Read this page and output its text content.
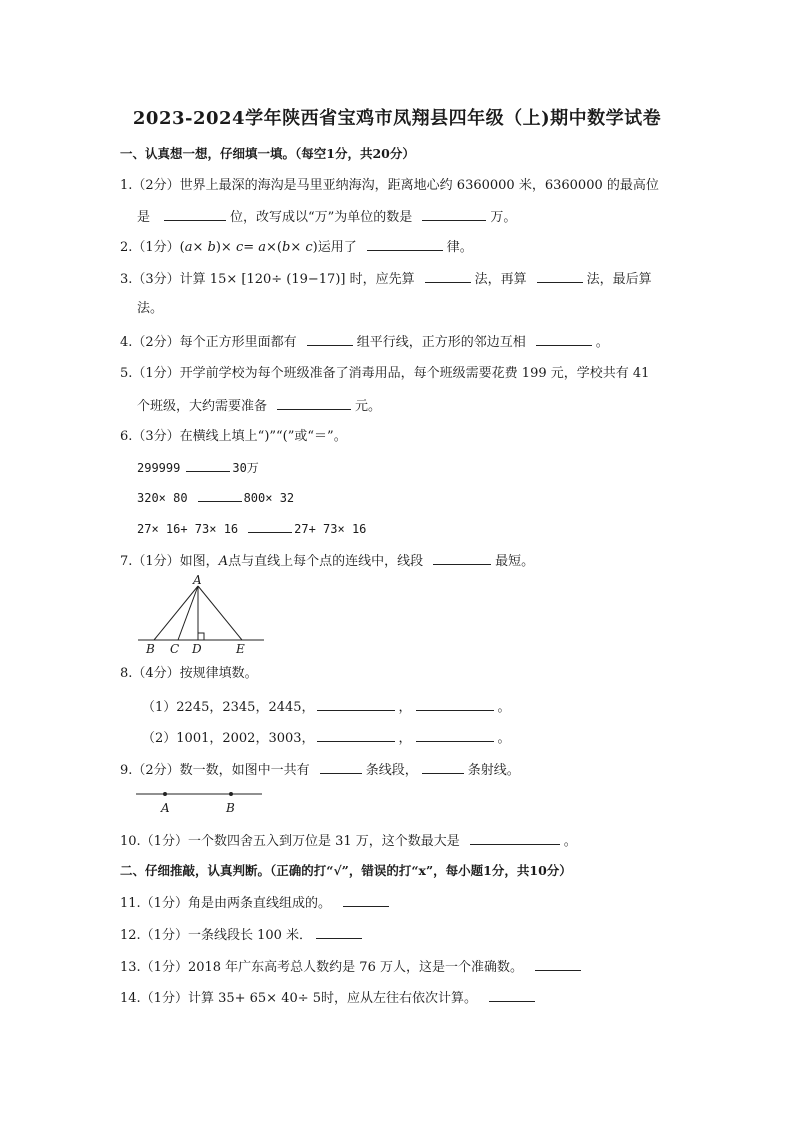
2023-2024学年陕西省宝鸡市凤翔县四年级（上)期中数学试卷
一、认真想一想，仔细填一填。（每空1分，共20分）
1.（2分）世界上最深的海沟是马里亚纳海沟，距离地心约 6360000 米，6360000 的最高位
是	位，改写成以“万”为单位的数是	万。
2.（1分）(a× b)× c= a×(b× c)运用了	律。
3.（3分）计算 15× [120÷ (19−17)] 时，应先算	法，再算	法，最后算
法。
4.（2分）每个正方形里面都有	组平行线，正方形的邻边互相	。
5.（1分）开学前学校为每个班级准备了消毒用品，每个班级需要花费 199 元，学校共有 41
个班级，大约需要准备	元。
6.（3分）在横线上填上“)”“(”或“＝”。
299999	30万
320× 80	800× 32
27× 16+ 73× 16	27+ 73× 16
7.（1分）如图，A点与直线上每个点的连线中，线段	最短。
A
B C D	E
8.（4分）按规律填数。
（1）2245，2345，2445，	，	。
（2）1001，2002，3003，	，	。
9.（2分）数一数，如图中一共有	条线段，	条射线。
A	B
10.（1分）一个数四舍五入到万位是 31 万，这个数最大是	。
二、仔细推敲，认真判断。（正确的打“√”，错误的打“x”，每小题1分，共10分）
11.（1分）角是由两条直线组成的。
12.（1分）一条线段长 100 米．
13.（1分）2018 年广东高考总人数约是 76 万人，这是一个准确数。
14.（1分）计算 35+ 65× 40÷ 5时，应从左往右依次计算。
